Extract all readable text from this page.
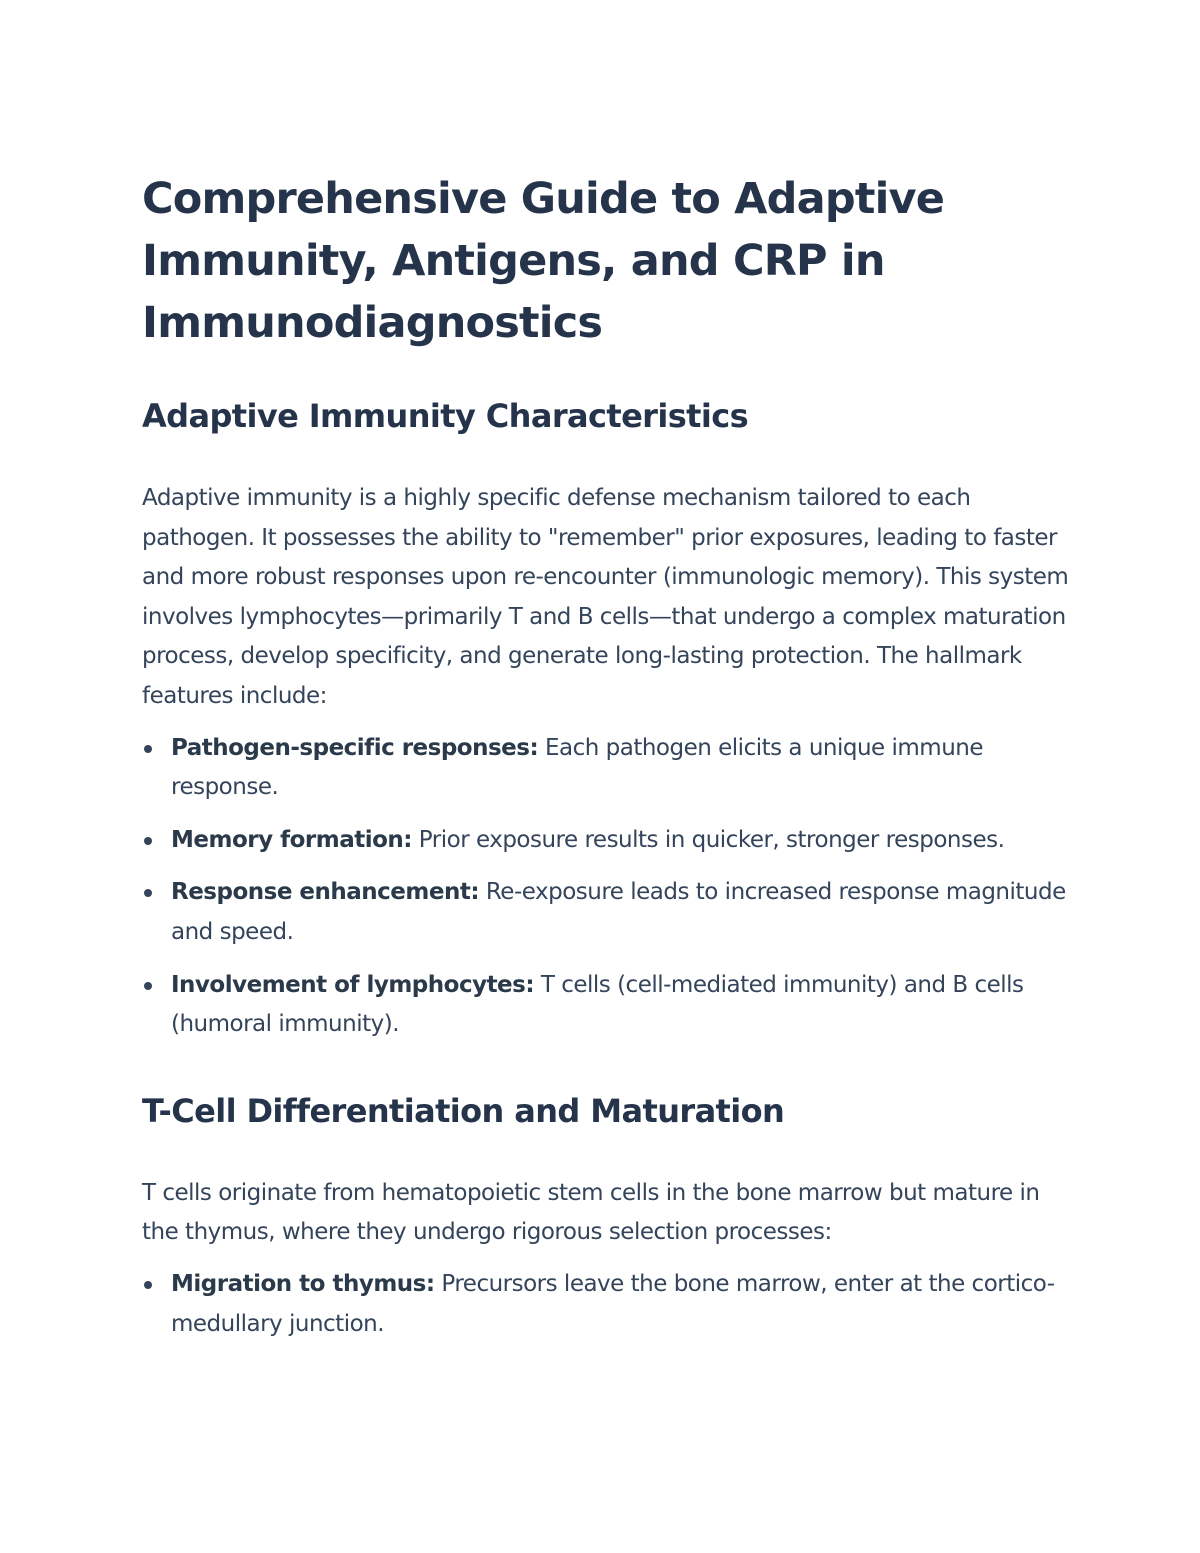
Comprehensive Guide to Adaptive Immunity, Antigens, and CRP in Immunodiagnostics
Adaptive Immunity Characteristics

Adaptive immunity is a highly specific defense mechanism tailored to each pathogen. It possesses the ability to "remember" prior exposures, leading to faster and more robust responses upon re-encounter (immunologic memory). This system involves lymphocytes—primarily T and B cells—that undergo a complex maturation process, develop specificity, and generate long-lasting protection. The hallmark features include:

Pathogen-specific responses: Each pathogen elicits a unique immune response.
Memory formation: Prior exposure results in quicker, stronger responses.
Response enhancement: Re-exposure leads to increased response magnitude and speed.
Involvement of lymphocytes: T cells (cell-mediated immunity) and B cells (humoral immunity).
T-Cell Differentiation and Maturation

T cells originate from hematopoietic stem cells in the bone marrow but mature in the thymus, where they undergo rigorous selection processes:

Migration to thymus: Precursors leave the bone marrow, enter at the cortico-medullary junction.
